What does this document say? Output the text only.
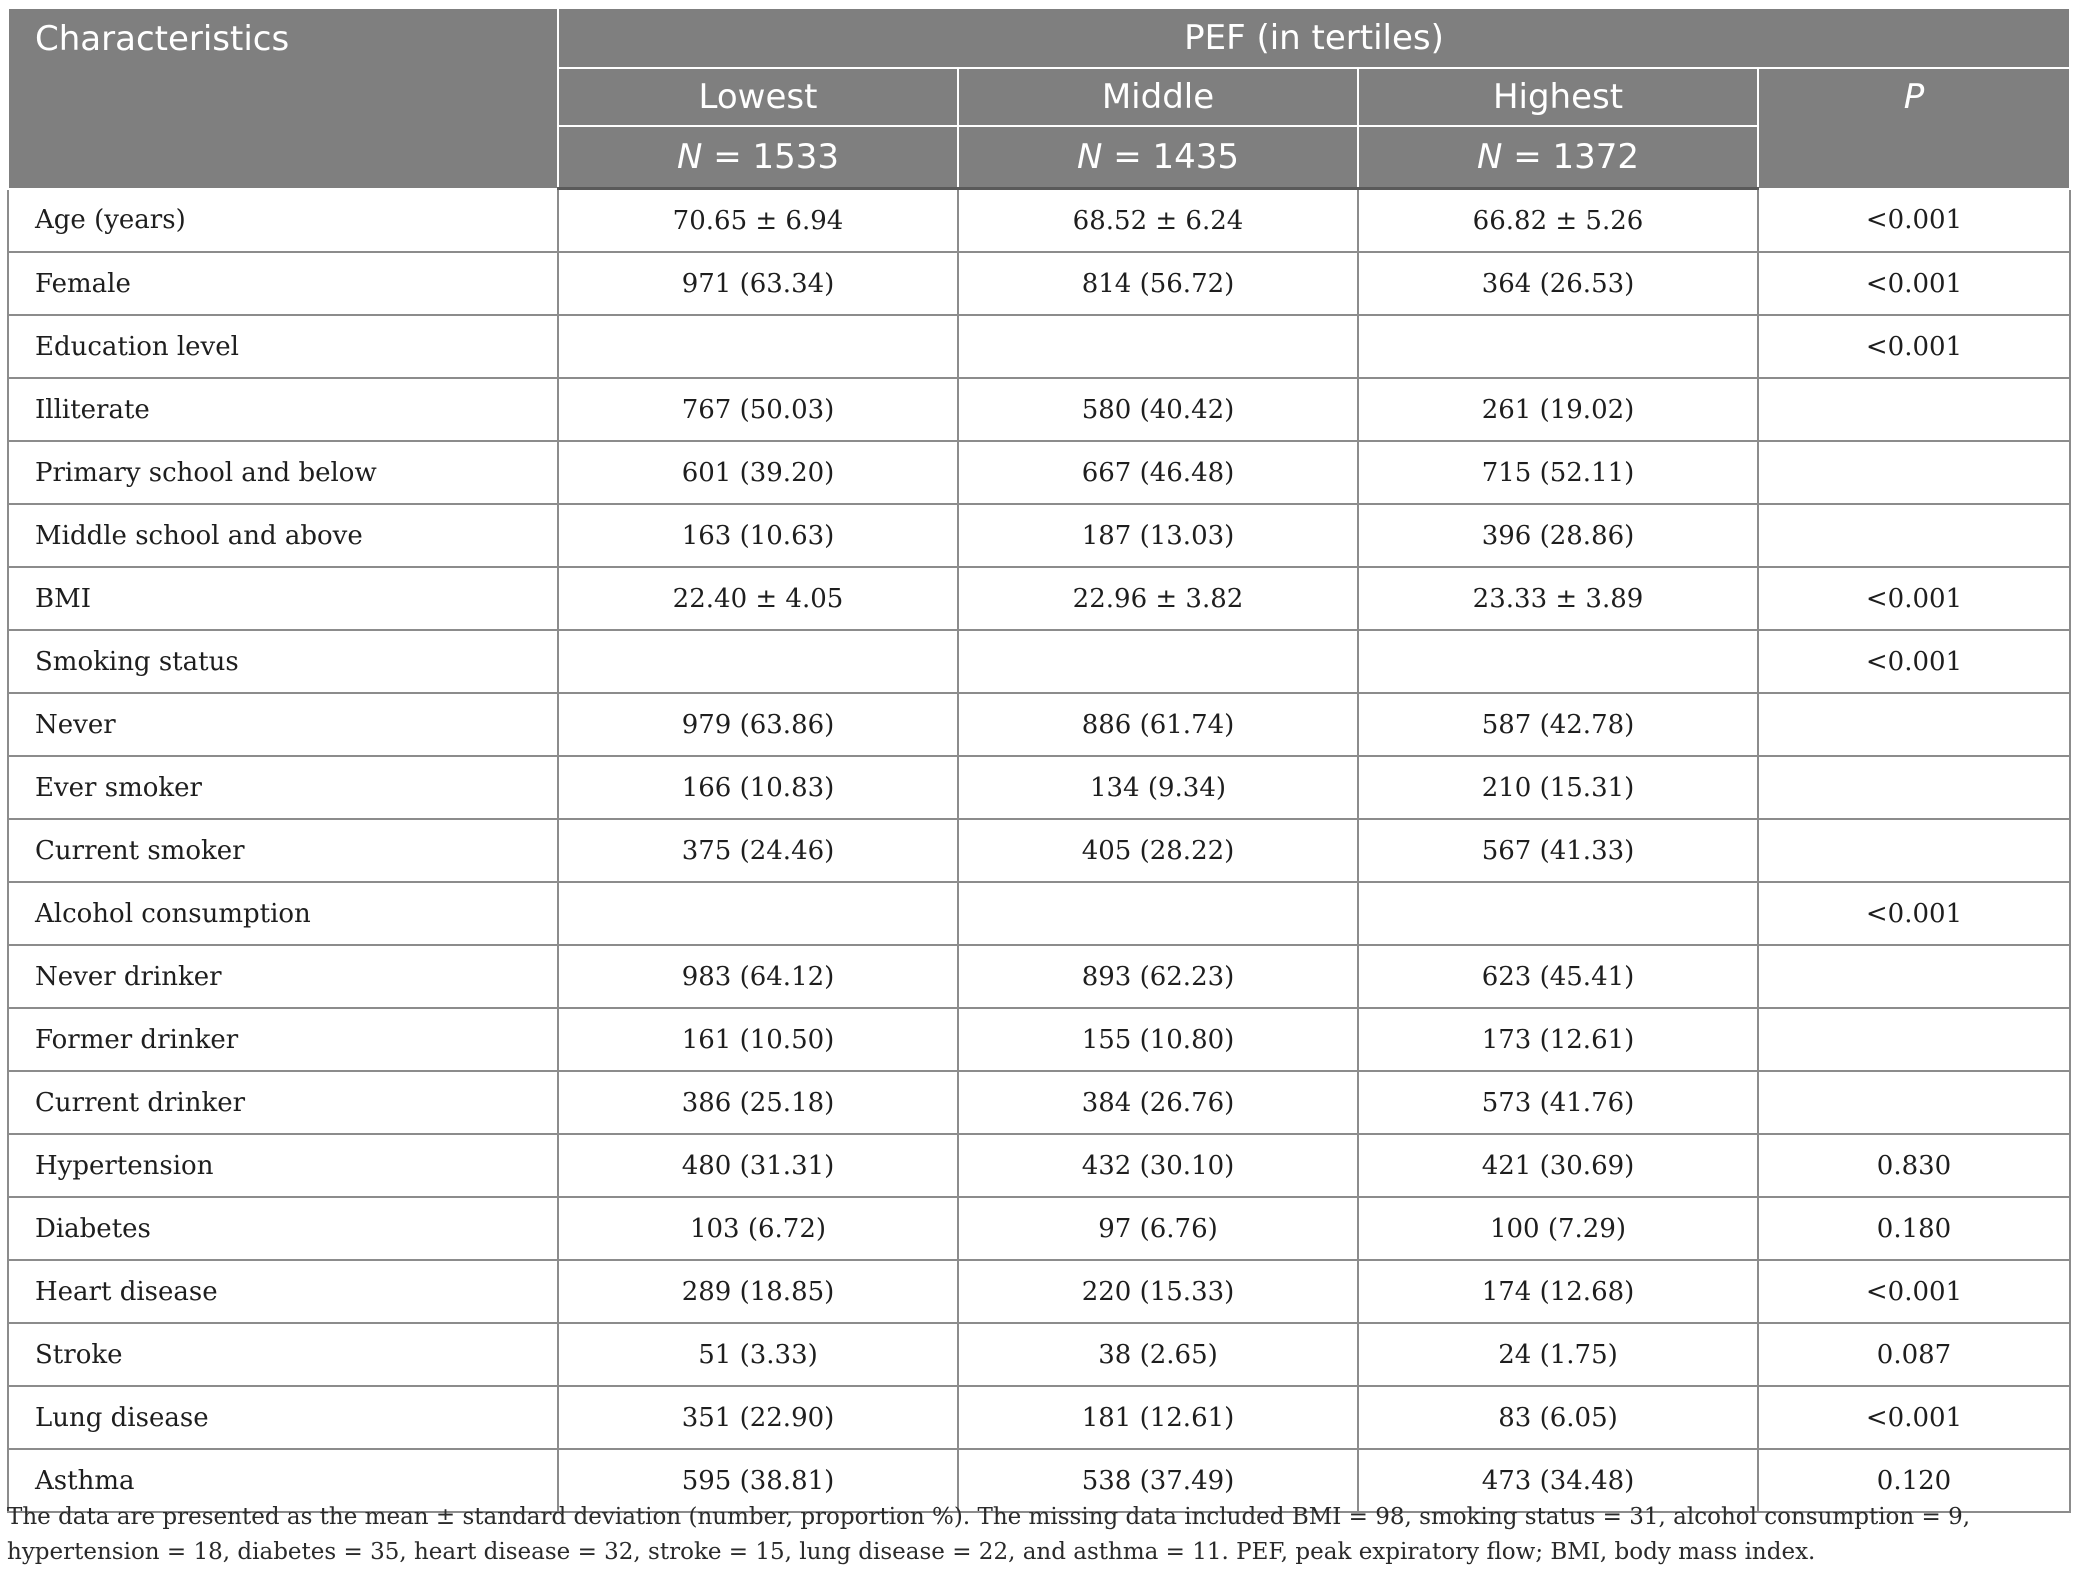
Characteristics	PEF (in tertiles)			
	Lowest	Middle	Highest	P
	N = 1533	N = 1435	N = 1372	
Age (years)	70.65 ± 6.94	68.52 ± 6.24	66.82 ± 5.26	<0.001
Female	971 (63.34)	814 (56.72)	364 (26.53)	<0.001
Education level				<0.001
Illiterate	767 (50.03)	580 (40.42)	261 (19.02)	
Primary school and below	601 (39.20)	667 (46.48)	715 (52.11)	
Middle school and above	163 (10.63)	187 (13.03)	396 (28.86)	
BMI	22.40 ± 4.05	22.96 ± 3.82	23.33 ± 3.89	<0.001
Smoking status				<0.001
Never	979 (63.86)	886 (61.74)	587 (42.78)	
Ever smoker	166 (10.83)	134 (9.34)	210 (15.31)	
Current smoker	375 (24.46)	405 (28.22)	567 (41.33)	
Alcohol consumption				<0.001
Never drinker	983 (64.12)	893 (62.23)	623 (45.41)	
Former drinker	161 (10.50)	155 (10.80)	173 (12.61)	
Current drinker	386 (25.18)	384 (26.76)	573 (41.76)	
Hypertension	480 (31.31)	432 (30.10)	421 (30.69)	0.830
Diabetes	103 (6.72)	97 (6.76)	100 (7.29)	0.180
Heart disease	289 (18.85)	220 (15.33)	174 (12.68)	<0.001
Stroke	51 (3.33)	38 (2.65)	24 (1.75)	0.087
Lung disease	351 (22.90)	181 (12.61)	83 (6.05)	<0.001
Asthma	595 (38.81)	538 (37.49)	473 (34.48)	0.120
The data are presented as the mean ± standard deviation (number, proportion %). The missing data included BMI = 98, smoking status = 31, alcohol consumption = 9, hypertension = 18, diabetes = 35, heart disease = 32, stroke = 15, lung disease = 22, and asthma = 11. PEF, peak expiratory flow; BMI, body mass index.
